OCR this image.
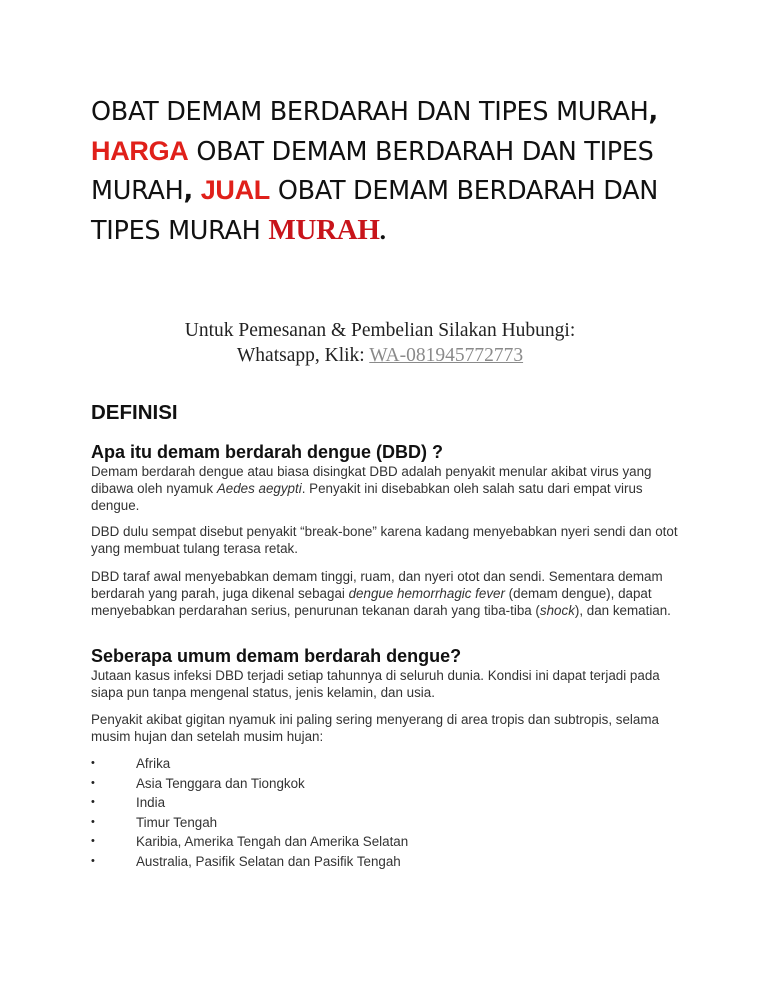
OBAT DEMAM BERDARAH DAN TIPES MURAH, HARGA OBAT DEMAM BERDARAH DAN TIPES MURAH, JUAL OBAT DEMAM BERDARAH DAN TIPES MURAH MURAH.
Untuk Pemesanan & Pembelian Silakan Hubungi:
Whatsapp, Klik: WA-081945772773
DEFINISI
Apa itu demam berdarah dengue (DBD) ?
Demam berdarah dengue atau biasa disingkat DBD adalah penyakit menular akibat virus yang dibawa oleh nyamuk Aedes aegypti. Penyakit ini disebabkan oleh salah satu dari empat virus dengue.
DBD dulu sempat disebut penyakit “break-bone” karena kadang menyebabkan nyeri sendi dan otot yang membuat tulang terasa retak.
DBD taraf awal menyebabkan demam tinggi, ruam, dan nyeri otot dan sendi. Sementara demam berdarah yang parah, juga dikenal sebagai dengue hemorrhagic fever (demam dengue), dapat menyebabkan perdarahan serius, penurunan tekanan darah yang tiba-tiba (shock), dan kematian.
Seberapa umum demam berdarah dengue?
Jutaan kasus infeksi DBD terjadi setiap tahunnya di seluruh dunia. Kondisi ini dapat terjadi pada siapa pun tanpa mengenal status, jenis kelamin, dan usia.
Penyakit akibat gigitan nyamuk ini paling sering menyerang di area tropis dan subtropis, selama musim hujan dan setelah musim hujan:
•	Afrika
•	Asia Tenggara dan Tiongkok
•	India
•	Timur Tengah
•	Karibia, Amerika Tengah dan Amerika Selatan
•	Australia, Pasifik Selatan dan Pasifik Tengah
